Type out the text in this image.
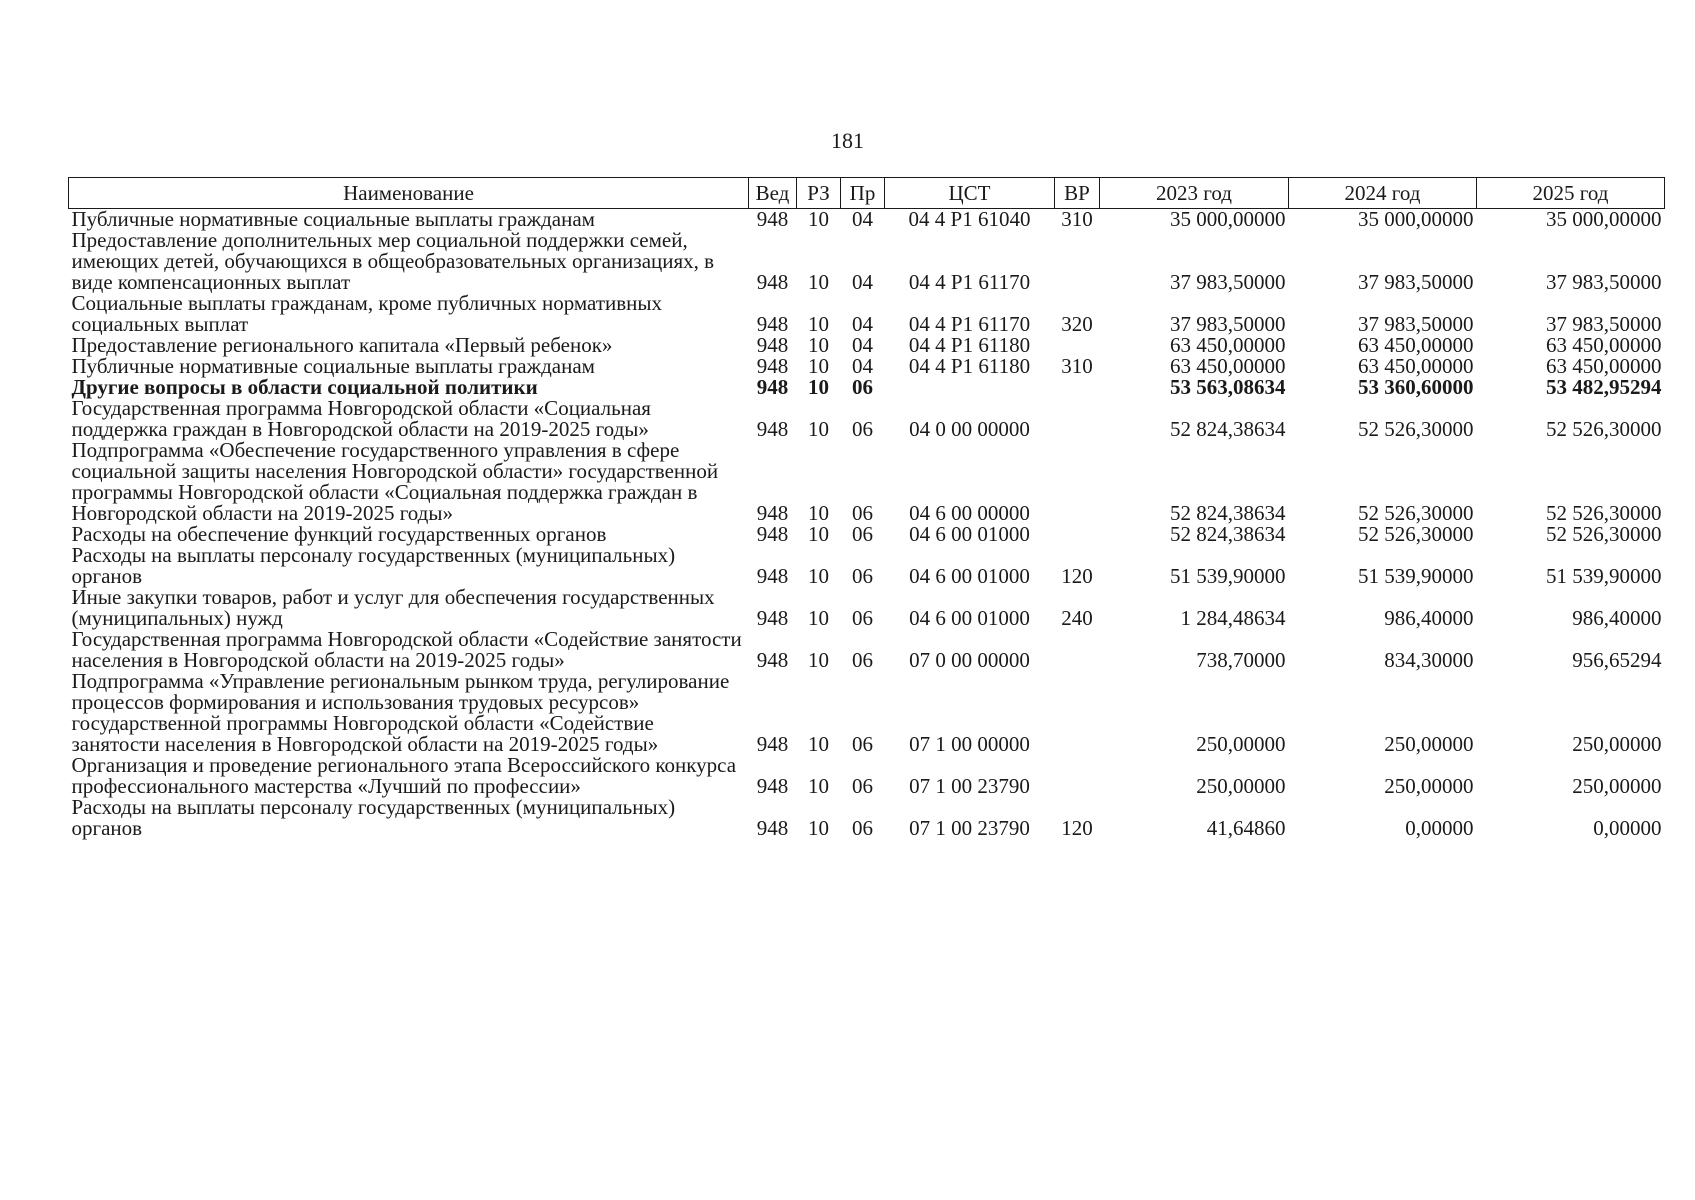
181
Наименование	Вед	РЗ	Пр	ЦСТ	ВР	2023 год	2024 год	2025 год
Публичные нормативные социальные выплаты гражданам	948	10	04	04 4 P1 61040	310	35 000,00000	35 000,00000	35 000,00000
Предоставление дополнительных мер социальной поддержки семей, имеющих детей, обучающихся в общеобразовательных организациях, в виде компенсационных выплат	948	10	04	04 4 P1 61170		37 983,50000	37 983,50000	37 983,50000
Социальные выплаты гражданам, кроме публичных нормативных социальных выплат	948	10	04	04 4 P1 61170	320	37 983,50000	37 983,50000	37 983,50000
Предоставление регионального капитала «Первый ребенок»	948	10	04	04 4 P1 61180		63 450,00000	63 450,00000	63 450,00000
Публичные нормативные социальные выплаты гражданам	948	10	04	04 4 P1 61180	310	63 450,00000	63 450,00000	63 450,00000
Другие вопросы в области социальной политики	948	10	06			53 563,08634	53 360,60000	53 482,95294
Государственная программа Новгородской области «Социальная поддержка граждан в Новгородской области на 2019-2025 годы»	948	10	06	04 0 00 00000		52 824,38634	52 526,30000	52 526,30000
Подпрограмма «Обеспечение государственного управления в сфере социальной защиты населения Новгородской области» государственной программы Новгородской области «Социальная поддержка граждан в Новгородской области на 2019-2025 годы»	948	10	06	04 6 00 00000		52 824,38634	52 526,30000	52 526,30000
Расходы на обеспечение функций государственных органов	948	10	06	04 6 00 01000		52 824,38634	52 526,30000	52 526,30000
Расходы на выплаты персоналу государственных (муниципальных) органов	948	10	06	04 6 00 01000	120	51 539,90000	51 539,90000	51 539,90000
Иные закупки товаров, работ и услуг для обеспечения государственных (муниципальных) нужд	948	10	06	04 6 00 01000	240	1 284,48634	986,40000	986,40000
Государственная программа Новгородской области «Содействие занятости населения в Новгородской области на 2019-2025 годы»	948	10	06	07 0 00 00000		738,70000	834,30000	956,65294
Подпрограмма «Управление региональным рынком труда, регулирование процессов формирования и использования трудовых ресурсов» государственной программы Новгородской области «Содействие занятости населения в Новгородской области на 2019-2025 годы»	948	10	06	07 1 00 00000		250,00000	250,00000	250,00000
Организация и проведение регионального этапа Всероссийского конкурса профессионального мастерства «Лучший по профессии»	948	10	06	07 1 00 23790		250,00000	250,00000	250,00000
Расходы на выплаты персоналу государственных (муниципальных) органов	948	10	06	07 1 00 23790	120	41,64860	0,00000	0,00000
